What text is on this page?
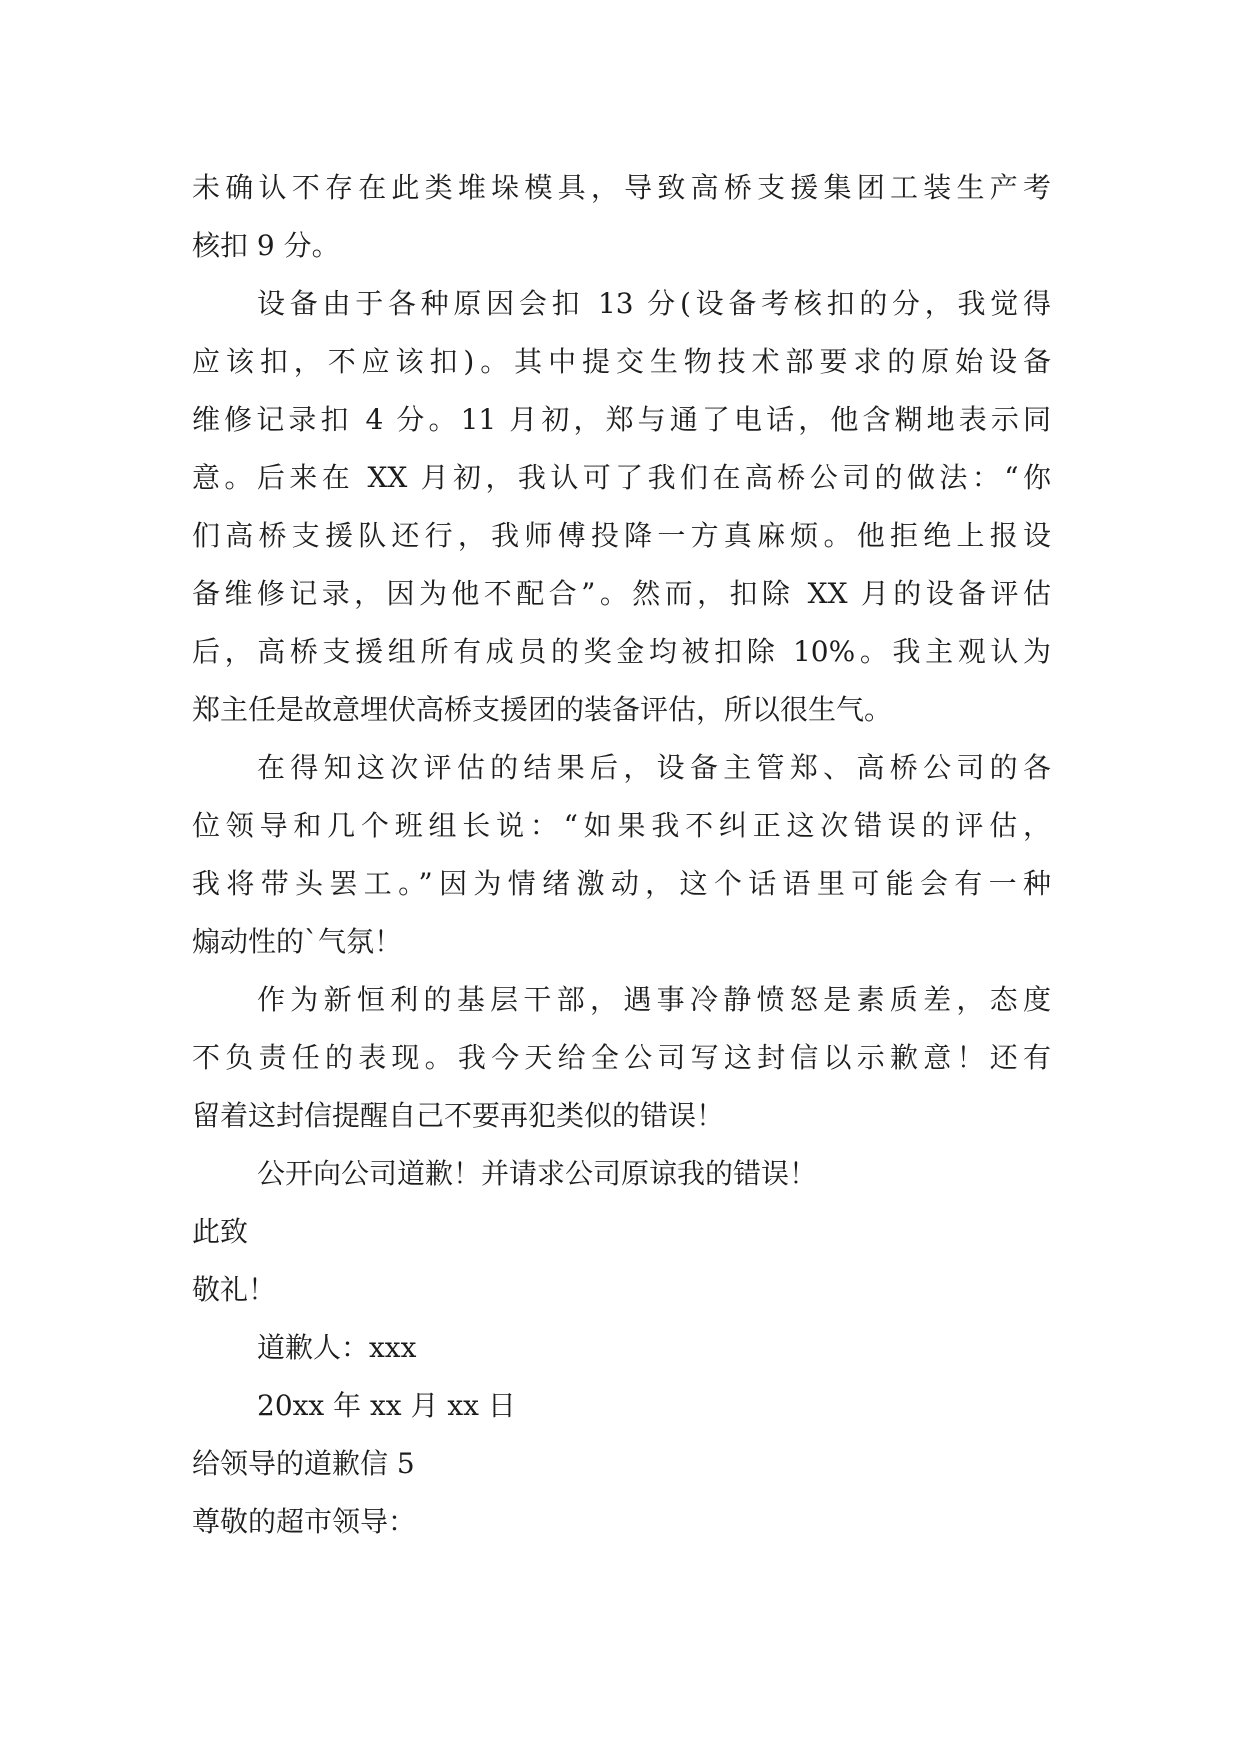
未确认不存在此类堆垛模具，导致高桥支援集团工装生产考
核扣 9 分。
设备由于各种原因会扣 13 分(设备考核扣的分，我觉得
应该扣，不应该扣)。其中提交生物技术部要求的原始设备
维修记录扣 4 分。11 月初，郑与通了电话，他含糊地表示同
意。后来在 XX 月初，我认可了我们在高桥公司的做法：“你
们高桥支援队还行，我师傅投降一方真麻烦。他拒绝上报设
备维修记录，因为他不配合”。然而，扣除 XX 月的设备评估
后，高桥支援组所有成员的奖金均被扣除 10%。我主观认为
郑主任是故意埋伏高桥支援团的装备评估，所以很生气。
在得知这次评估的结果后，设备主管郑、高桥公司的各
位领导和几个班组长说：“如果我不纠正这次错误的评估，
我将带头罢工。”因为情绪激动，这个话语里可能会有一种
煽动性的`气氛！
作为新恒利的基层干部，遇事冷静愤怒是素质差，态度
不负责任的表现。我今天给全公司写这封信以示歉意！还有
留着这封信提醒自己不要再犯类似的错误！
公开向公司道歉！并请求公司原谅我的错误！
此致
敬礼！
道歉人：xxx
20xx 年 xx 月 xx 日
给领导的道歉信 5
尊敬的超市领导：
